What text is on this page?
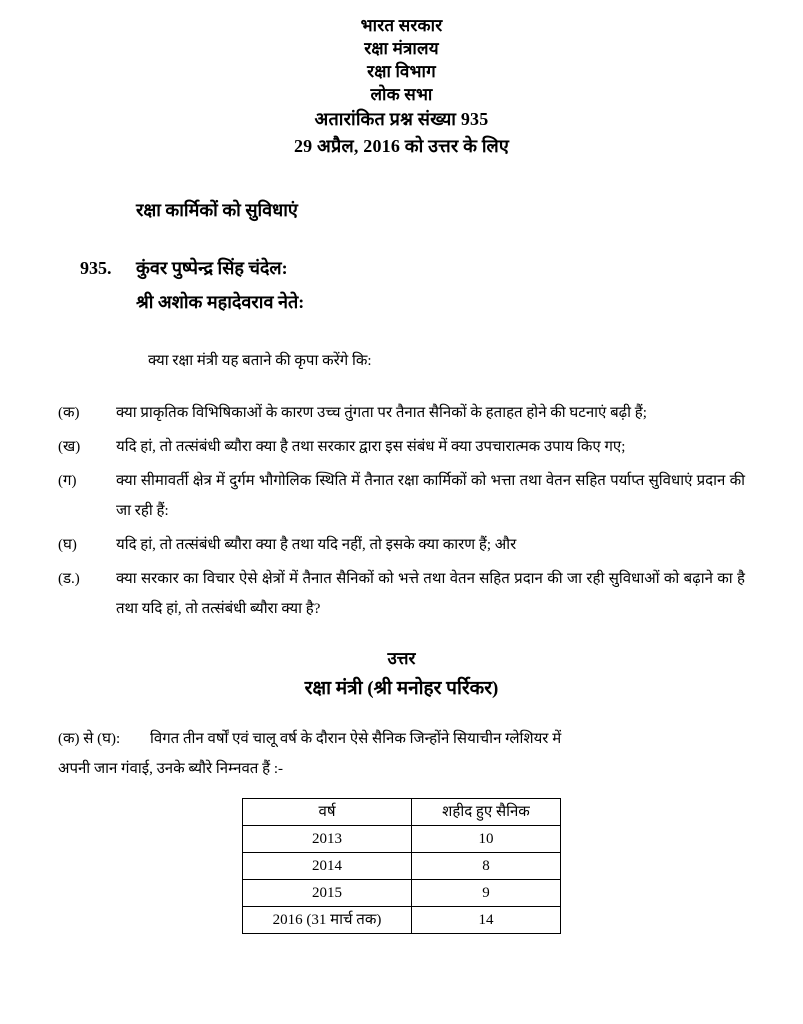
भारत सरकार
रक्षा मंत्रालय
रक्षा विभाग
लोक सभा
अतारांकित प्रश्न संख्या 935
29 अप्रैल, 2016 को उत्तर के लिए
रक्षा कार्मिकों को सुविधाएं
935.	कुंवर पुष्पेन्द्र सिंह चंदेल:
श्री अशोक महादेवराव नेते:
क्या रक्षा मंत्री यह बताने की कृपा करेंगे कि:
(क)	क्या प्राकृतिक विभिषिकाओं के कारण उच्च तुंगता पर तैनात सैनिकों के हताहत होने की घटनाएं बढ़ी हैं;
(ख)	यदि हां, तो तत्संबंधी ब्यौरा क्या है तथा सरकार द्वारा इस संबंध में क्या उपचारात्मक उपाय किए गए;
(ग)	क्या सीमावर्ती क्षेत्र में दुर्गम भौगोलिक स्थिति में तैनात रक्षा कार्मिकों को भत्ता तथा वेतन सहित पर्याप्त सुविधाएं प्रदान की जा रही हैं:
(घ)	यदि हां, तो तत्संबंधी ब्यौरा क्या है तथा यदि नहीं, तो इसके क्या कारण हैं; और
(ड.)	क्या सरकार का विचार ऐसे क्षेत्रों में तैनात सैनिकों को भत्ते तथा वेतन सहित प्रदान की जा रही सुविधाओं को बढ़ाने का है तथा यदि हां, तो तत्संबंधी ब्यौरा क्या है?
उत्तर
रक्षा मंत्री (श्री मनोहर पर्रिकर)
(क) से (घ):	विगत तीन वर्षों एवं चालू वर्ष के दौरान ऐसे सैनिक जिन्होंने सियाचीन ग्लेशियर में
अपनी जान गंवाई, उनके ब्यौरे निम्नवत हैं :-
वर्ष	शहीद हुए सैनिक
2013	10
2014	8
2015	9
2016 (31 मार्च तक)	14
